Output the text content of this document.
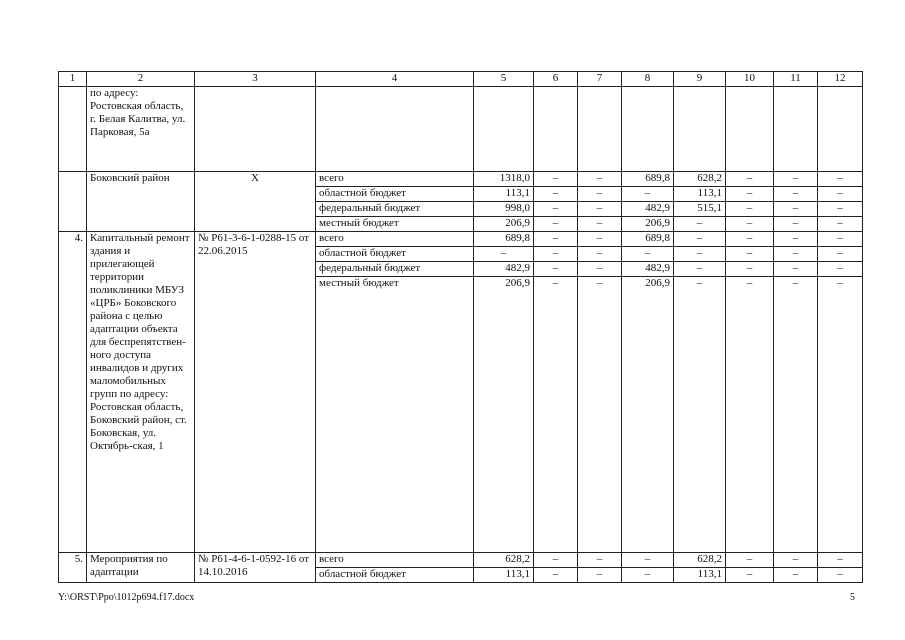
1	2	3	4	5	6	7	8	9	10	11	12
	по адресу: Ростовская область, г. Белая Калитва, ул. Парковая, 5а										
	Боковский район	X	всего	1318,0	–	–	689,8	628,2	–	–	–
			областной бюджет	113,1	–	–	–	113,1	–	–	–
			федеральный бюджет	998,0	–	–	482,9	515,1	–	–	–
			местный бюджет	206,9	–	–	206,9	–	–	–	–
4.	Капитальный ремонт здания и прилегающей территории поликлиники МБУЗ «ЦРБ» Боковского района с целью адаптации объекта для беспрепятствен-ного доступа инвалидов и других маломобильных групп по адресу: Ростовская область, Боковский район, ст. Боковская, ул. Октябрь-ская, 1	№ Р61-3-6-1-0288-15 от 22.06.2015	всего	689,8	–	–	689,8	–	–	–	–
			областной бюджет	–	–	–	–	–	–	–	–
			федеральный бюджет	482,9	–	–	482,9	–	–	–	–
			местный бюджет	206,9	–	–	206,9	–	–	–	–
5.	Мероприятия по адаптации	№ Р61-4-6-1-0592-16 от 14.10.2016	всего	628,2	–	–	–	628,2	–	–	–
			областной бюджет	113,1	–	–	–	113,1	–	–	–
Y:\ORST\Ppo\1012p694.f17.docx	5
